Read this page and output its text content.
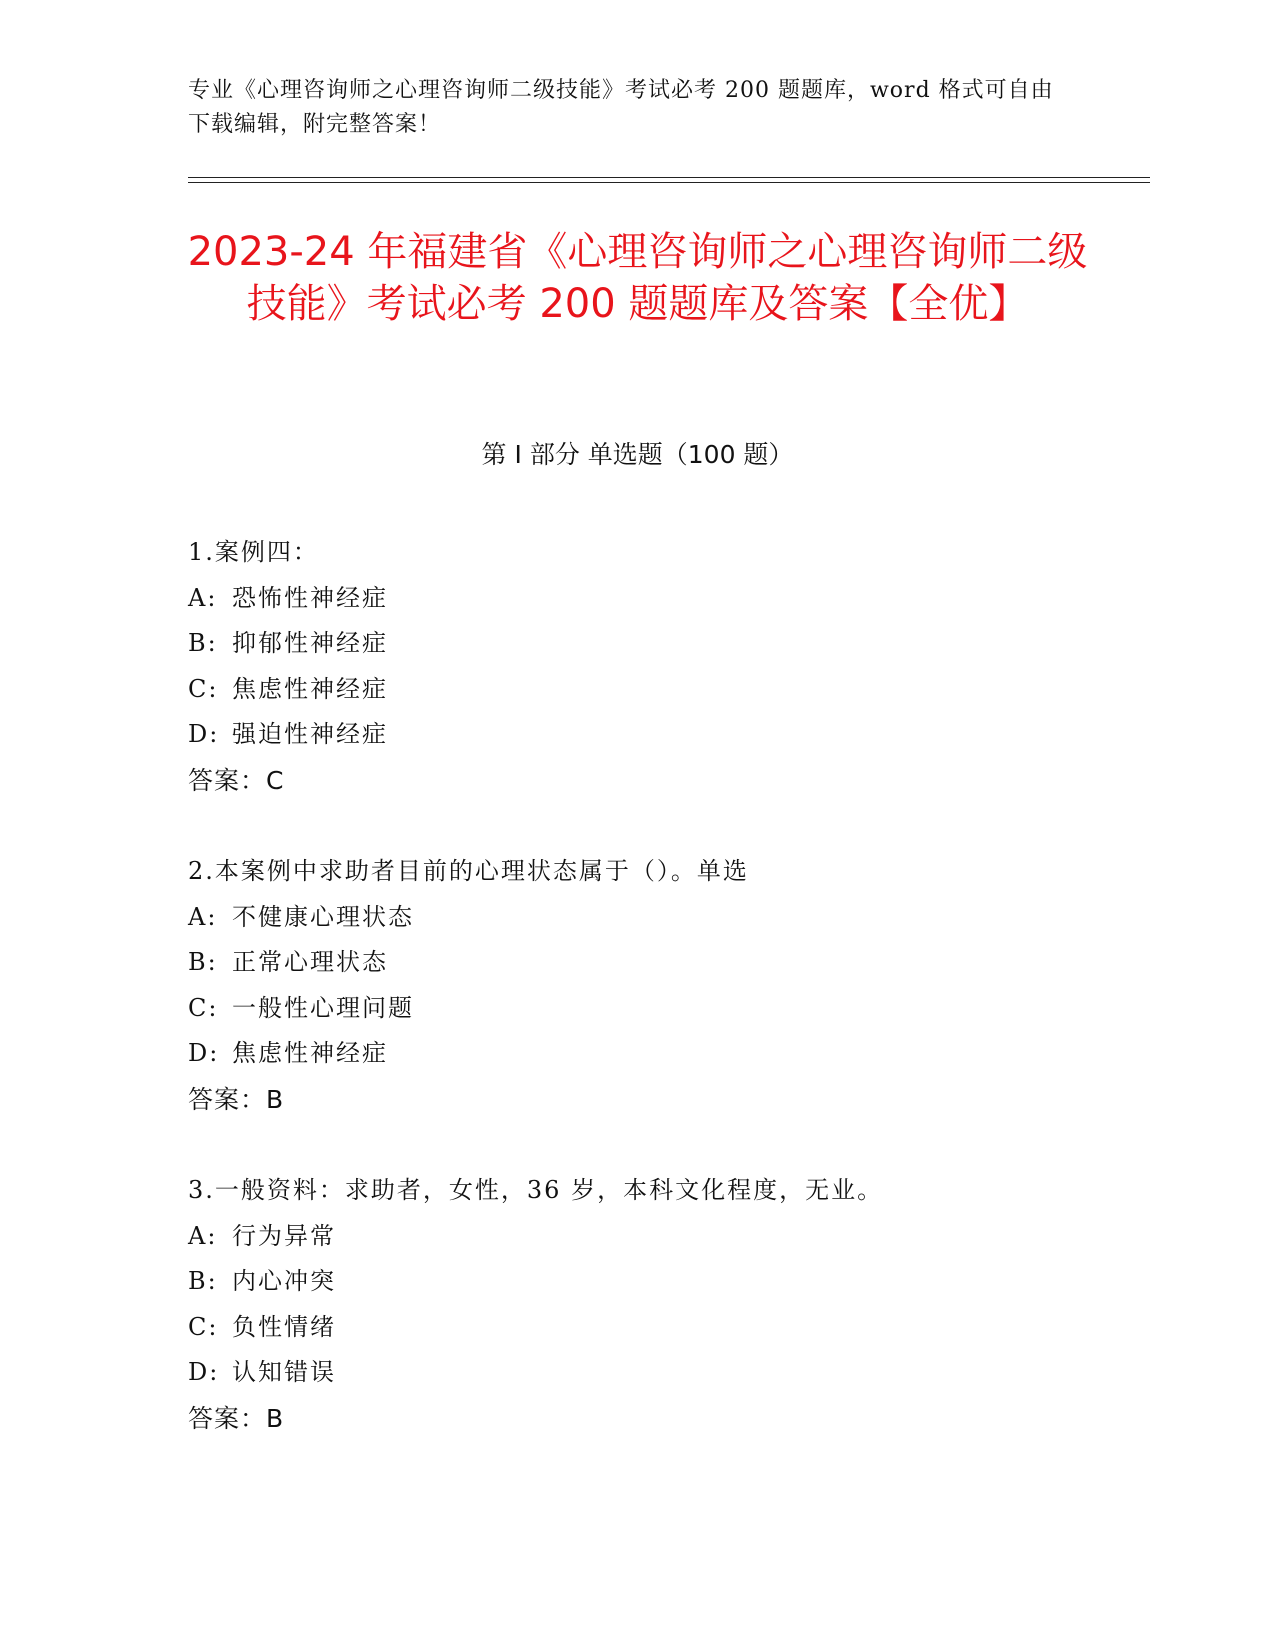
专业《心理咨询师之心理咨询师二级技能》考试必考 200 题题库，word 格式可自由下载编辑，附完整答案！

2023-24 年福建省《心理咨询师之心理咨询师二级技能》考试必考 200 题题库及答案【全优】
第 I 部分 单选题（100 题）
1.案例四：
A: 恐怖性神经症
B: 抑郁性神经症
C: 焦虑性神经症
D: 强迫性神经症
答案：C
2.本案例中求助者目前的心理状态属于（）。单选
A: 不健康心理状态
B: 正常心理状态
C: 一般性心理问题
D: 焦虑性神经症
答案：B
3.一般资料：求助者，女性，36 岁，本科文化程度，无业。
A: 行为异常
B: 内心冲突
C: 负性情绪
D: 认知错误
答案：B
